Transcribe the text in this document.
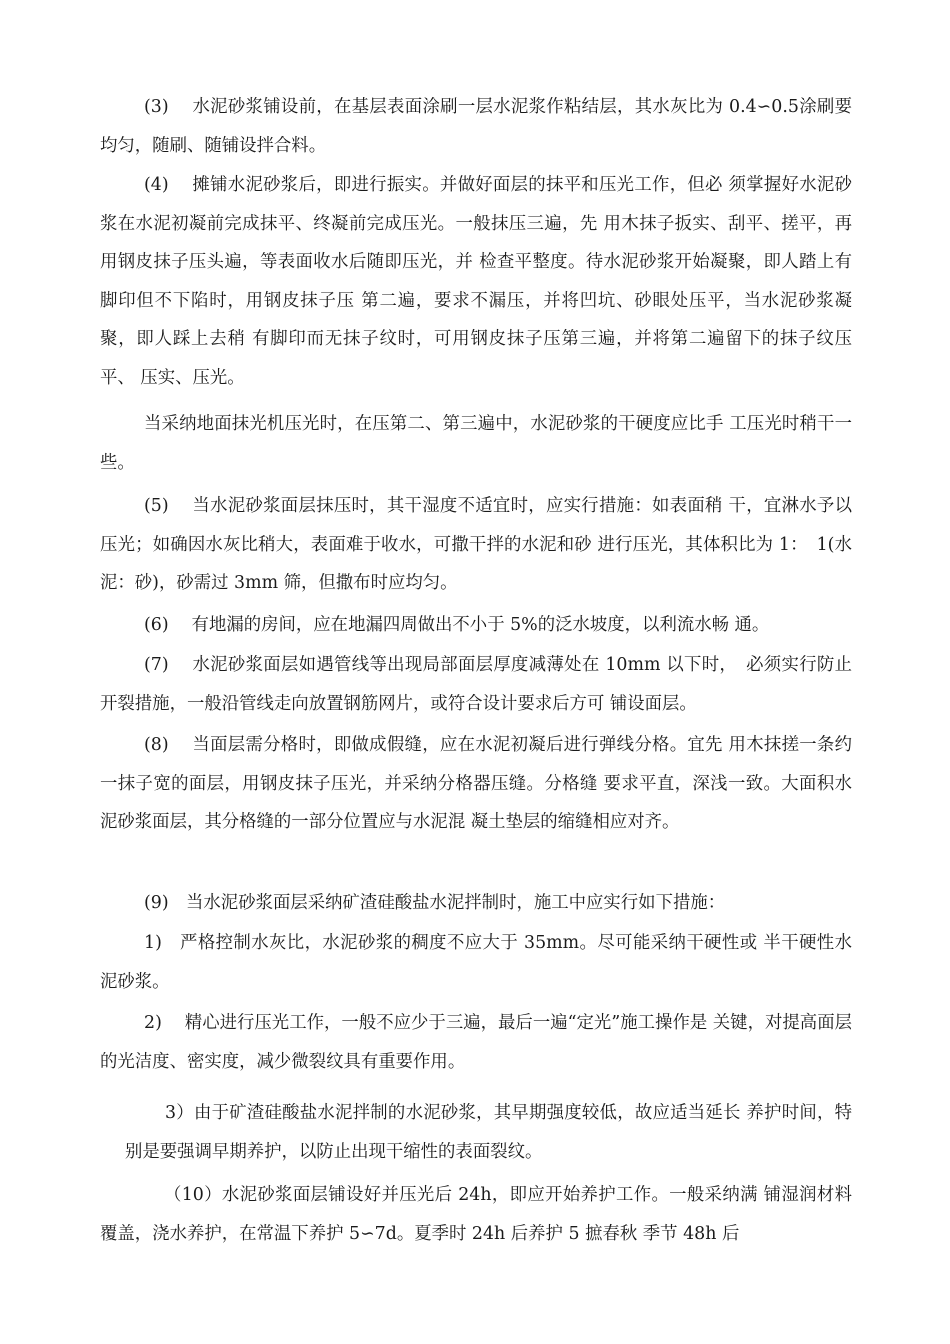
(3)　 水泥砂浆铺设前，在基层表面涂刷一层水泥浆作粘结层，其水灰比为 0.4∽0.5涂刷要均匀，随刷、随铺设拌合料。

(4)　 摊铺水泥砂浆后，即进行振实。并做好面层的抹平和压光工作，但必 须掌握好水泥砂浆在水泥初凝前完成抹平、终凝前完成压光。一般抹压三遍，先 用木抹子扳实、刮平、搓平，再用钢皮抹子压头遍，等表面收水后随即压光，并 检查平整度。待水泥砂浆开始凝聚，即人踏上有脚印但不下陷时，用钢皮抹子压 第二遍，要求不漏压，并将凹坑、砂眼处压平，当水泥砂浆凝聚，即人踩上去稍 有脚印而无抹子纹时，可用钢皮抹子压第三遍，并将第二遍留下的抹子纹压平、 压实、压光。

当采纳地面抹光机压光时，在压第二、第三遍中，水泥砂浆的干硬度应比手 工压光时稍干一些。

(5)　 当水泥砂浆面层抹压时，其干湿度不适宜时，应实行措施：如表面稍 干，宜淋水予以压光；如确因水灰比稍大，表面难于收水，可撒干拌的水泥和砂 进行压光，其体积比为 1：　1(水泥：砂)，砂需过 3mm 筛，但撒布时应均匀。

(6)　 有地漏的房间，应在地漏四周做出不小于 5%的泛水坡度，以利流水畅 通。

(7)　 水泥砂浆面层如遇管线等出现局部面层厚度减薄处在 10mm 以下时，　必须实行防止开裂措施，一般沿管线走向放置钢筋网片，或符合设计要求后方可 铺设面层。

(8)　 当面层需分格时，即做成假缝，应在水泥初凝后进行弹线分格。宜先 用木抹搓一条约一抹子宽的面层，用钢皮抹子压光，并采纳分格器压缝。分格缝 要求平直，深浅一致。大面积水泥砂浆面层，其分格缝的一部分位置应与水泥混 凝土垫层的缩缝相应对齐。

(9)　当水泥砂浆面层采纳矿渣硅酸盐水泥拌制时，施工中应实行如下措施：

1)　严格控制水灰比，水泥砂浆的稠度不应大于 35mm。尽可能采纳干硬性或 半干硬性水泥砂浆。

2)　 精心进行压光工作，一般不应少于三遍，最后一遍“定光”施工操作是 关键，对提高面层的光洁度、密实度，减少微裂纹具有重要作用。

3）由于矿渣硅酸盐水泥拌制的水泥砂浆，其早期强度较低，故应适当延长 养护时间，特别是要强调早期养护，以防止出现干缩性的表面裂纹。

（10）水泥砂浆面层铺设好并压光后 24h，即应开始养护工作。一般采纳满 铺湿润材料覆盖，浇水养护，在常温下养护 5∽7d。夏季时 24h 后养护 5 摭春秋 季节 48h 后
